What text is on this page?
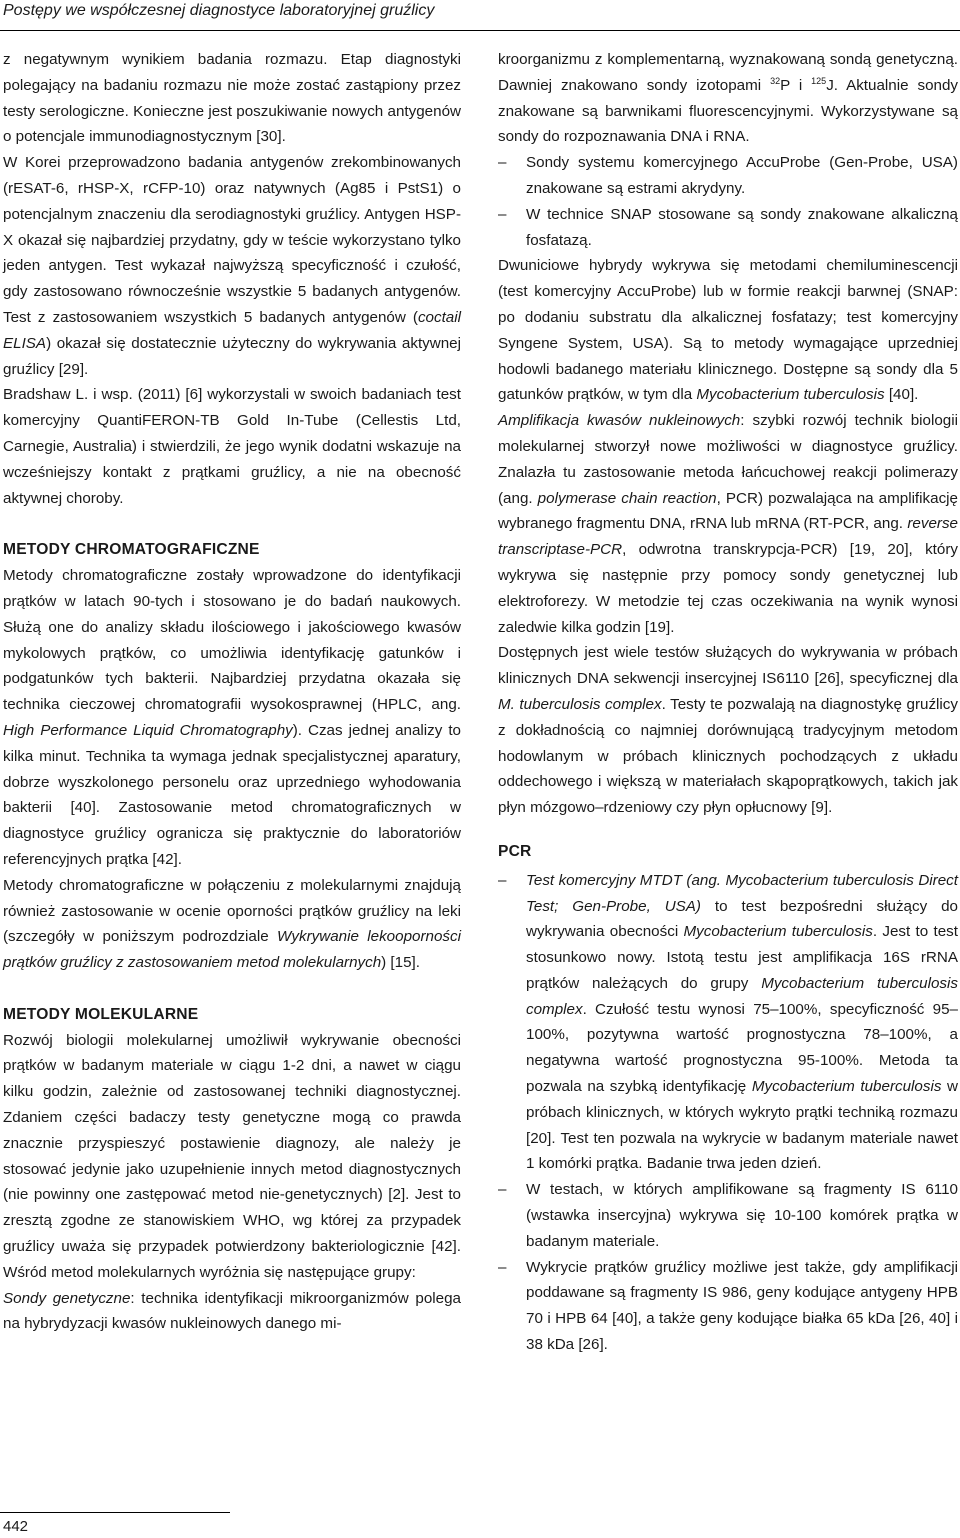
Postępy we współczesnej diagnostyce laboratoryjnej gruźlicy

z negatywnym wynikiem badania rozmazu. Etap diagnostyki polegający na badaniu rozmazu nie może zostać zastąpiony przez testy serologiczne. Konieczne jest poszukiwanie nowych antygenów o potencjale immunodiagnostycznym [30].

W Korei przeprowadzono badania antygenów zrekombinowanych (rESAT-6, rHSP-X, rCFP-10) oraz natywnych (Ag85 i PstS1) o potencjalnym znaczeniu dla serodiagnostyki gruźlicy. Antygen HSP-X okazał się najbardziej przydatny, gdy w teście wykorzystano tylko jeden antygen. Test wykazał najwyższą specyficzność i czułość, gdy zastosowano równocześnie wszystkie 5 badanych antygenów. Test z zastosowaniem wszystkich 5 badanych antygenów (coctail ELISA) okazał się dostatecznie użyteczny do wykrywania aktywnej gruźlicy [29].

Bradshaw L. i wsp. (2011) [6] wykorzystali w swoich badaniach test komercyjny QuantiFERON-TB Gold In-Tube (Cellestis Ltd, Carnegie, Australia) i stwierdzili, że jego wynik dodatni wskazuje na wcześniejszy kontakt z prątkami gruźlicy, a nie na obecność aktywnej choroby.

METODY CHROMATOGRAFICZNE

Metody chromatograficzne zostały wprowadzone do identyfikacji prątków w latach 90-tych i stosowano je do badań naukowych. Służą one do analizy składu ilościowego i jakościowego kwasów mykolowych prątków, co umożliwia identyfikację gatunków i podgatunków tych bakterii. Najbardziej przydatna okazała się technika cieczowej chromatografii wysokosprawnej (HPLC, ang. High Performance Liquid Chromatography). Czas jednej analizy to kilka minut. Technika ta wymaga jednak specjalistycznej aparatury, dobrze wyszkolonego personelu oraz uprzedniego wyhodowania bakterii [40]. Zastosowanie metod chromatograficznych w diagnostyce gruźlicy ogranicza się praktycznie do laboratoriów referencyjnych prątka [42].

Metody chromatograficzne w połączeniu z molekularnymi znajdują również zastosowanie w ocenie oporności prątków gruźlicy na leki (szczegóły w poniższym podrozdziale Wykrywanie lekooporności prątków gruźlicy z zastosowaniem metod molekularnych) [15].

METODY MOLEKULARNE

Rozwój biologii molekularnej umożliwił wykrywanie obecności prątków w badanym materiale w ciągu 1-2 dni, a nawet w ciągu kilku godzin, zależnie od zastosowanej techniki diagnostycznej. Zdaniem części badaczy testy genetyczne mogą co prawda znacznie przyspieszyć postawienie diagnozy, ale należy je stosować jedynie jako uzupełnienie innych metod diagnostycznych (nie powinny one zastępować metod nie-genetycznych) [2]. Jest to zresztą zgodne ze stanowiskiem WHO, wg której za przypadek gruźlicy uważa się przypadek potwierdzony bakteriologicznie [42]. Wśród metod molekularnych wyróżnia się następujące grupy:

Sondy genetyczne: technika identyfikacji mikroorganizmów polega na hybrydyzacji kwasów nukleinowych danego mi-

kroorganizmu z komplementarną, wyznakowaną sondą genetyczną. Dawniej znakowano sondy izotopami $^{32}$P i $^{125}$J. Aktualnie sondy znakowane są barwnikami fluorescencyjnymi. Wykorzystywane są sondy do rozpoznawania DNA i RNA.

– Sondy systemu komercyjnego AccuProbe (Gen-Probe, USA) znakowane są estrami akrydyny.

– W technice SNAP stosowane są sondy znakowane alkaliczną fosfatazą.

Dwuniciowe hybrydy wykrywa się metodami chemiluminescencji (test komercyjny AccuProbe) lub w formie reakcji barwnej (SNAP: po dodaniu substratu dla alkalicznej fosfatazy; test komercyjny Syngene System, USA). Są to metody wymagające uprzedniej hodowli badanego materiału klinicznego. Dostępne są sondy dla 5 gatunków prątków, w tym dla Mycobacterium tuberculosis [40].

Amplifikacja kwasów nukleinowych: szybki rozwój technik biologii molekularnej stworzył nowe możliwości w diagnostyce gruźlicy. Znalazła tu zastosowanie metoda łańcuchowej reakcji polimerazy (ang. polymerase chain reaction, PCR) pozwalająca na amplifikację wybranego fragmentu DNA, rRNA lub mRNA (RT-PCR, ang. reverse transcriptase-PCR, odwrotna transkrypcja-PCR) [19, 20], który wykrywa się następnie przy pomocy sondy genetycznej lub elektroforezy. W metodzie tej czas oczekiwania na wynik wynosi zaledwie kilka godzin [19].

Dostępnych jest wiele testów służących do wykrywania w próbach klinicznych DNA sekwencji insercyjnej IS6110 [26], specyficznej dla M. tuberculosis complex. Testy te pozwalają na diagnostykę gruźlicy z dokładnością co najmniej dorównującą tradycyjnym metodom hodowlanym w próbach klinicznych pochodzących z układu oddechowego i większą w materiałach skąpoprątkowych, takich jak płyn mózgowo–rdzeniowy czy płyn opłucnowy [9].

PCR

– Test komercyjny MTDT (ang. Mycobacterium tuberculosis Direct Test; Gen-Probe, USA) to test bezpośredni służący do wykrywania obecności Mycobacterium tuberculosis. Jest to test stosunkowo nowy. Istotą testu jest amplifikacja 16S rRNA prątków należących do grupy Mycobacterium tuberculosis complex. Czułość testu wynosi 75–100%, specyficzność 95–100%, pozytywna wartość prognostyczna 78–100%, a negatywna wartość prognostyczna 95-100%. Metoda ta pozwala na szybką identyfikację Mycobacterium tuberculosis w próbach klinicznych, w których wykryto prątki techniką rozmazu [20]. Test ten pozwala na wykrycie w badanym materiale nawet 1 komórki prątka. Badanie trwa jeden dzień.

– W testach, w których amplifikowane są fragmenty IS 6110 (wstawka insercyjna) wykrywa się 10-100 komórek prątka w badanym materiale.

– Wykrycie prątków gruźlicy możliwe jest także, gdy amplifikacji poddawane są fragmenty IS 986, geny kodujące antygeny HPB 70 i HPB 64 [40], a także geny kodujące białka 65 kDa [26, 40] i 38 kDa [26].

442
